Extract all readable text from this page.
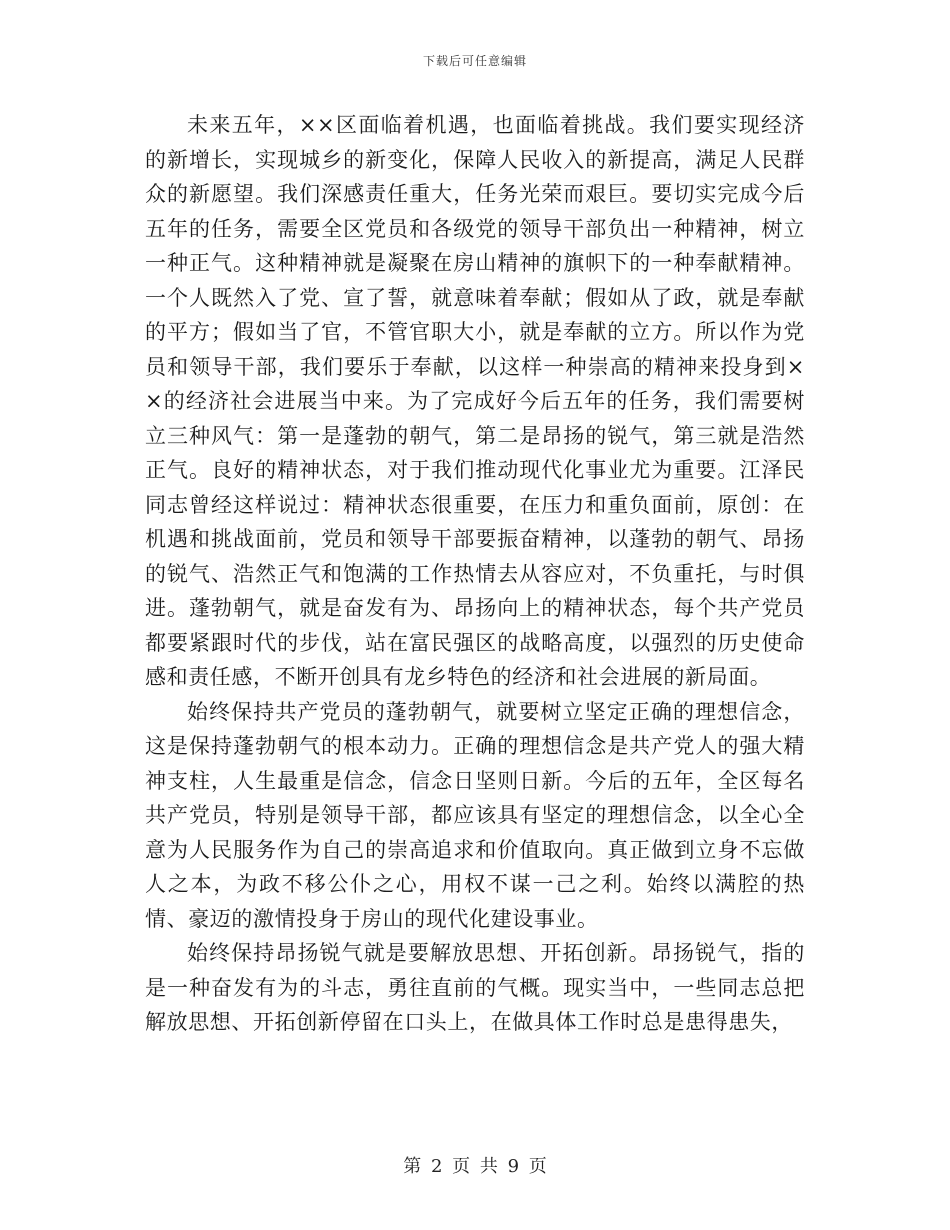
下载后可任意编辑

未来五年，××区面临着机遇，也面临着挑战。我们要实现经济的新增长，实现城乡的新变化，保障人民收入的新提高，满足人民群众的新愿望。我们深感责任重大，任务光荣而艰巨。要切实完成今后五年的任务，需要全区党员和各级党的领导干部负出一种精神，树立一种正气。这种精神就是凝聚在房山精神的旗帜下的一种奉献精神。一个人既然入了党、宣了誓，就意味着奉献；假如从了政，就是奉献的平方；假如当了官，不管官职大小，就是奉献的立方。所以作为党员和领导干部，我们要乐于奉献，以这样一种崇高的精神来投身到××的经济社会进展当中来。为了完成好今后五年的任务，我们需要树立三种风气：第一是蓬勃的朝气，第二是昂扬的锐气，第三就是浩然正气。良好的精神状态，对于我们推动现代化事业尤为重要。江泽民同志曾经这样说过：精神状态很重要，在压力和重负面前，原创：在机遇和挑战面前，党员和领导干部要振奋精神，以蓬勃的朝气、昂扬的锐气、浩然正气和饱满的工作热情去从容应对，不负重托，与时俱进。蓬勃朝气，就是奋发有为、昂扬向上的精神状态，每个共产党员都要紧跟时代的步伐，站在富民强区的战略高度，以强烈的历史使命感和责任感，不断开创具有龙乡特色的经济和社会进展的新局面。

始终保持共产党员的蓬勃朝气，就要树立坚定正确的理想信念，这是保持蓬勃朝气的根本动力。正确的理想信念是共产党人的强大精神支柱，人生最重是信念，信念日坚则日新。今后的五年，全区每名共产党员，特别是领导干部，都应该具有坚定的理想信念，以全心全意为人民服务作为自己的崇高追求和价值取向。真正做到立身不忘做人之本，为政不移公仆之心，用权不谋一己之利。始终以满腔的热情、豪迈的激情投身于房山的现代化建设事业。

始终保持昂扬锐气就是要解放思想、开拓创新。昂扬锐气，指的是一种奋发有为的斗志，勇往直前的气概。现实当中，一些同志总把解放思想、开拓创新停留在口头上，在做具体工作时总是患得患失，

第 2 页 共 9 页
